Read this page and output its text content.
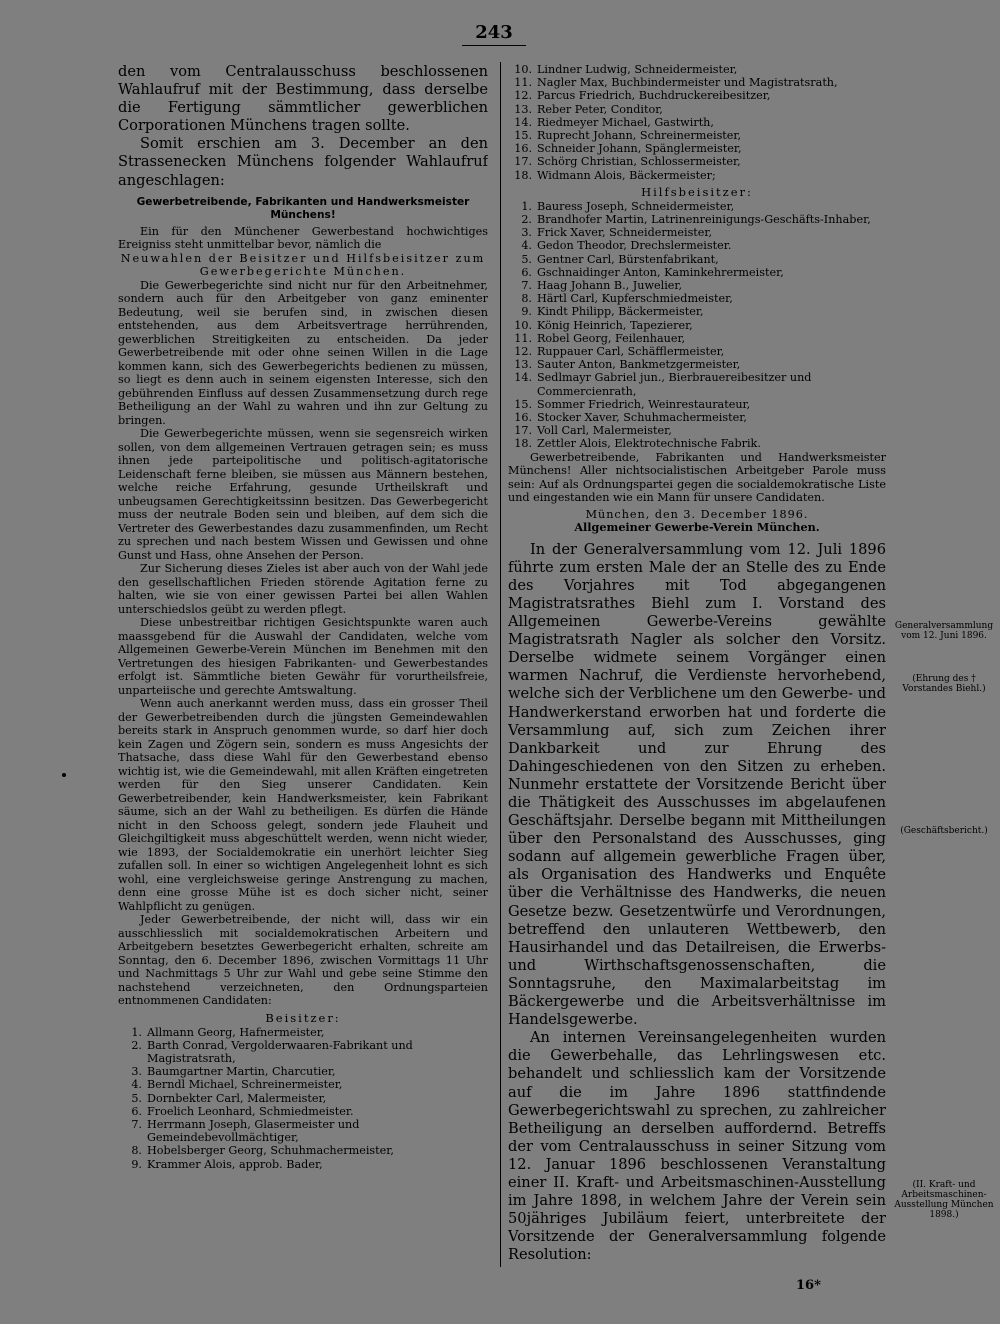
243

den vom Centralausschuss beschlossenen Wahlaufruf mit der Bestimmung, dass derselbe die Fertigung sämmtlicher gewerblichen Corporationen Münchens tragen sollte.

Somit erschien am 3. December an den Strassenecken Münchens folgender Wahlaufruf angeschlagen:

Gewerbetreibende, Fabrikanten und Handwerksmeister Münchens!

Ein für den Münchener Gewerbestand hochwichtiges Ereigniss steht unmittelbar bevor, nämlich die

Neuwahlen der Beisitzer und Hilfsbeisitzer zum Gewerbegerichte München.

Die Gewerbegerichte sind nicht nur für den Arbeitnehmer, sondern auch für den Arbeitgeber von ganz eminenter Bedeutung, weil sie berufen sind, in zwischen diesen entstehenden, aus dem Arbeitsvertrage herrührenden, gewerblichen Streitigkeiten zu entscheiden. Da jeder Gewerbetreibende mit oder ohne seinen Willen in die Lage kommen kann, sich des Gewerbegerichts bedienen zu müssen, so liegt es denn auch in seinem eigensten Interesse, sich den gebührenden Einfluss auf dessen Zusammensetzung durch rege Betheiligung an der Wahl zu wahren und ihn zur Geltung zu bringen.

Die Gewerbegerichte müssen, wenn sie segensreich wirken sollen, von dem allgemeinen Vertrauen getragen sein; es muss ihnen jede parteipolitische und politisch-agitatorische Leidenschaft ferne bleiben, sie müssen aus Männern bestehen, welche reiche Erfahrung, gesunde Urtheilskraft und unbeugsamen Gerechtigkeitssinn besitzen. Das Gewerbegericht muss der neutrale Boden sein und bleiben, auf dem sich die Vertreter des Gewerbestandes dazu zusammenfinden, um Recht zu sprechen und nach bestem Wissen und Gewissen und ohne Gunst und Hass, ohne Ansehen der Person.

Zur Sicherung dieses Zieles ist aber auch von der Wahl jede den gesellschaftlichen Frieden störende Agitation ferne zu halten, wie sie von einer gewissen Partei bei allen Wahlen unterschiedslos geübt zu werden pflegt.

Diese unbestreitbar richtigen Gesichtspunkte waren auch maassgebend für die Auswahl der Candidaten, welche vom Allgemeinen Gewerbe-Verein München im Benehmen mit den Vertretungen des hiesigen Fabrikanten- und Gewerbestandes erfolgt ist. Sämmtliche bieten Gewähr für vorurtheilsfreie, unparteiische und gerechte Amtswaltung.

Wenn auch anerkannt werden muss, dass ein grosser Theil der Gewerbetreibenden durch die jüngsten Gemeindewahlen bereits stark in Anspruch genommen wurde, so darf hier doch kein Zagen und Zögern sein, sondern es muss Angesichts der Thatsache, dass diese Wahl für den Gewerbestand ebenso wichtig ist, wie die Gemeindewahl, mit allen Kräften eingetreten werden für den Sieg unserer Candidaten. Kein Gewerbetreibender, kein Handwerksmeister, kein Fabrikant säume, sich an der Wahl zu betheiligen. Es dürfen die Hände nicht in den Schooss gelegt, sondern jede Flauheit und Gleichgiltigkeit muss abgeschüttelt werden, wenn nicht wieder, wie 1893, der Socialdemokratie ein unerhört leichter Sieg zufallen soll. In einer so wichtigen Angelegenheit lohnt es sich wohl, eine vergleichsweise geringe Anstrengung zu machen, denn eine grosse Mühe ist es doch sicher nicht, seiner Wahlpflicht zu genügen.

Jeder Gewerbetreibende, der nicht will, dass wir ein ausschliesslich mit socialdemokratischen Arbeitern und Arbeitgebern besetztes Gewerbegericht erhalten, schreite am Sonntag, den 6. December 1896, zwischen Vormittags 11 Uhr und Nachmittags 5 Uhr zur Wahl und gebe seine Stimme den nachstehend verzeichneten, den Ordnungsparteien entnommenen Candidaten:

Beisitzer:
1. Allmann Georg, Hafnermeister,
2. Barth Conrad, Vergolderwaaren-Fabrikant und Magistratsrath,
3. Baumgartner Martin, Charcutier,
4. Berndl Michael, Schreinermeister,
5. Dornbekter Carl, Malermeister,
6. Froelich Leonhard, Schmiedmeister.
7. Herrmann Joseph, Glasermeister und Gemeindebevollmächtiger,
8. Hobelsberger Georg, Schuhmachermeister,
9. Krammer Alois, approb. Bader,
10. Lindner Ludwig, Schneidermeister,
11. Nagler Max, Buchbindermeister und Magistratsrath,
12. Parcus Friedrich, Buchdruckereibesitzer,
13. Reber Peter, Conditor,
14. Riedmeyer Michael, Gastwirth,
15. Ruprecht Johann, Schreinermeister,
16. Schneider Johann, Spänglermeister,
17. Schörg Christian, Schlossermeister,
18. Widmann Alois, Bäckermeister;
Hilfsbeisitzer:
1. Bauress Joseph, Schneidermeister,
2. Brandhofer Martin, Latrinenreinigungs-Geschäfts-Inhaber,
3. Frick Xaver, Schneidermeister,
4. Gedon Theodor, Drechslermeister.
5. Gentner Carl, Bürstenfabrikant,
6. Gschnaidinger Anton, Kaminkehrermeister,
7. Haag Johann B., Juwelier,
8. Härtl Carl, Kupferschmiedmeister,
9. Kindt Philipp, Bäckermeister,
10. König Heinrich, Tapezierer,
11. Robel Georg, Feilenhauer,
12. Ruppauer Carl, Schäfflermeister,
13. Sauter Anton, Bankmetzgermeister,
14. Sedlmayr Gabriel jun., Bierbrauereibesitzer und Commercienrath,
15. Sommer Friedrich, Weinrestaurateur,
16. Stocker Xaver, Schuhmachermeister,
17. Voll Carl, Malermeister,
18. Zettler Alois, Elektrotechnische Fabrik.

Gewerbetreibende, Fabrikanten und Handwerksmeister Münchens! Aller nichtsocialistischen Arbeitgeber Parole muss sein: Auf als Ordnungspartei gegen die socialdemokratische Liste und eingestanden wie ein Mann für unsere Candidaten.

München, den 3. December 1896.

Allgemeiner Gewerbe-Verein München.

In der Generalversammlung vom 12. Juli 1896 führte zum ersten Male der an Stelle des zu Ende des Vorjahres mit Tod abgegangenen Magistratsrathes Biehl zum I. Vorstand des Allgemeinen Gewerbe-Vereins gewählte Magistratsrath Nagler als solcher den Vorsitz. Derselbe widmete seinem Vorgänger einen warmen Nachruf, die Verdienste hervorhebend, welche sich der Verblichene um den Gewerbe- und Handwerkerstand erworben hat und forderte die Versammlung auf, sich zum Zeichen ihrer Dankbarkeit und zur Ehrung des Dahingeschiedenen von den Sitzen zu erheben. Nunmehr erstattete der Vorsitzende Bericht über die Thätigkeit des Ausschusses im abgelaufenen Geschäftsjahr. Derselbe begann mit Mittheilungen über den Personalstand des Ausschusses, ging sodann auf allgemein gewerbliche Fragen über, als Organisation des Handwerks und Enquête über die Verhältnisse des Handwerks, die neuen Gesetze bezw. Gesetzentwürfe und Verordnungen, betreffend den unlauteren Wettbewerb, den Hausirhandel und das Detailreisen, die Erwerbs- und Wirthschaftsgenossenschaften, die Sonntagsruhe, den Maximalarbeitstag im Bäckergewerbe und die Arbeitsverhältnisse im Handelsgewerbe.

An internen Vereinsangelegenheiten wurden die Gewerbehalle, das Lehrlingswesen etc. behandelt und schliesslich kam der Vorsitzende auf die im Jahre 1896 stattfindende Gewerbegerichtswahl zu sprechen, zu zahlreicher Betheiligung an derselben auffordernd. Betreffs der vom Centralausschuss in seiner Sitzung vom 12. Januar 1896 beschlossenen Veranstaltung einer II. Kraft- und Arbeitsmaschinen-Ausstellung im Jahre 1898, in welchem Jahre der Verein sein 50jähriges Jubiläum feiert, unterbreitete der Vorsitzende der Generalversammlung folgende Resolution:

Generalversammlung vom 12. Juni 1896.
(Ehrung des † Vorstandes Biehl.)
(Geschäftsbericht.)
(II. Kraft- und Arbeitsmaschinen-Ausstellung München 1898.)
16*
